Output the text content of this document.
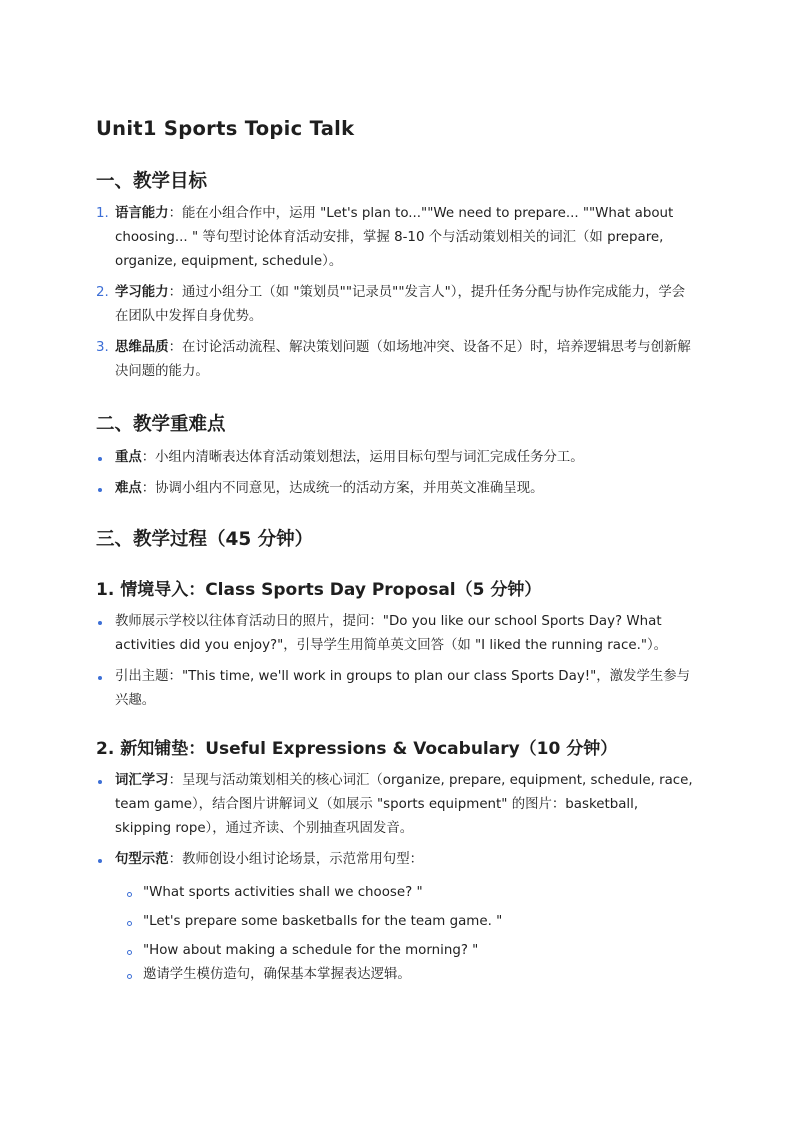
Unit1 Sports Topic Talk
一、教学目标
1. 语言能力：能在小组合作中，运用 "Let's plan to...""We need to prepare... ""What about choosing... " 等句型讨论体育活动安排，掌握 8-10 个与活动策划相关的词汇（如 prepare, organize, equipment, schedule）。
2. 学习能力：通过小组分工（如 "策划员""记录员""发言人"），提升任务分配与协作完成能力，学会在团队中发挥自身优势。
3. 思维品质：在讨论活动流程、解决策划问题（如场地冲突、设备不足）时，培养逻辑思考与创新解决问题的能力。
二、教学重难点
重点：小组内清晰表达体育活动策划想法，运用目标句型与词汇完成任务分工。
难点：协调小组内不同意见，达成统一的活动方案，并用英文准确呈现。
三、教学过程（45 分钟）
1. 情境导入：Class Sports Day Proposal（5 分钟）
教师展示学校以往体育活动日的照片，提问："Do you like our school Sports Day? What activities did you enjoy?"，引导学生用简单英文回答（如 "I liked the running race."）。
引出主题："This time, we'll work in groups to plan our class Sports Day!"，激发学生参与兴趣。
2. 新知铺垫：Useful Expressions & Vocabulary（10 分钟）
词汇学习：呈现与活动策划相关的核心词汇（organize, prepare, equipment, schedule, race, team game），结合图片讲解词义（如展示 "sports equipment" 的图片：basketball, skipping rope），通过齐读、个别抽查巩固发音。
句型示范：教师创设小组讨论场景，示范常用句型：
"What sports activities shall we choose? "
"Let's prepare some basketballs for the team game. "
"How about making a schedule for the morning? "
邀请学生模仿造句，确保基本掌握表达逻辑。
